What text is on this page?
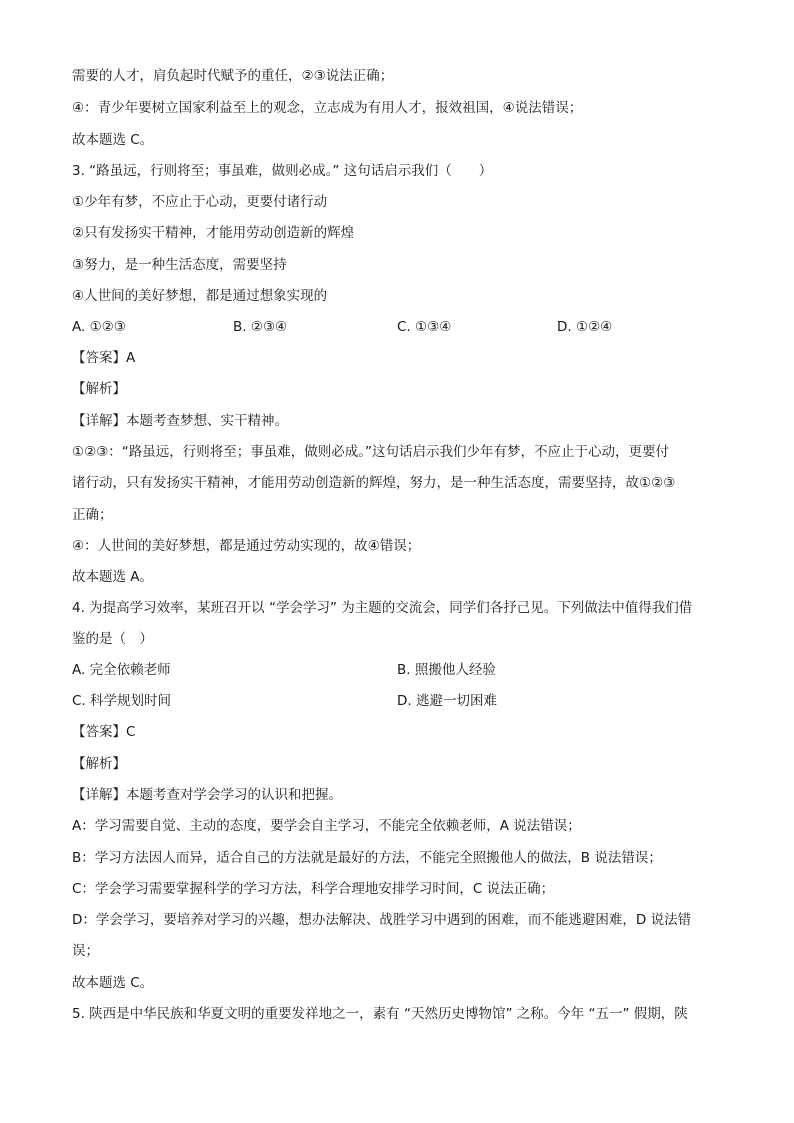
需要的人才，肩负起时代赋予的重任，②③说法正确；
④：青少年要树立国家利益至上的观念，立志成为有用人才，报效祖国，④说法错误；
故本题选 C。
3. “路虽远，行则将至；事虽难，做则必成。” 这句话启示我们（　　）
①少年有梦，不应止于心动，更要付诸行动
②只有发扬实干精神，才能用劳动创造新的辉煌
③努力，是一种生活态度，需要坚持
④人世间的美好梦想，都是通过想象实现的
A. ①②③	B. ②③④	C. ①③④	D. ①②④
【答案】A
【解析】
【详解】本题考查梦想、实干精神。
①②③：“路虽远，行则将至；事虽难，做则必成。”这句话启示我们少年有梦，不应止于心动，更要付
诸行动，只有发扬实干精神，才能用劳动创造新的辉煌，努力，是一种生活态度，需要坚持，故①②③
正确；
④：人世间的美好梦想，都是通过劳动实现的，故④错误；
故本题选 A。
4. 为提高学习效率，某班召开以 “学会学习” 为主题的交流会，同学们各抒己见。下列做法中值得我们借
鉴的是（　）
A. 完全依赖老师	B. 照搬他人经验
C. 科学规划时间	D. 逃避一切困难
【答案】C
【解析】
【详解】本题考查对学会学习的认识和把握。
A：学习需要自觉、主动的态度，要学会自主学习，不能完全依赖老师，A 说法错误；
B：学习方法因人而异，适合自己的方法就是最好的方法，不能完全照搬他人的做法，B 说法错误；
C：学会学习需要掌握科学的学习方法，科学合理地安排学习时间，C 说法正确；
D：学会学习，要培养对学习的兴趣，想办法解决、战胜学习中遇到的困难，而不能逃避困难，D 说法错
误；
故本题选 C。
5. 陕西是中华民族和华夏文明的重要发祥地之一，素有 “天然历史博物馆” 之称。今年 “五一” 假期，陕
